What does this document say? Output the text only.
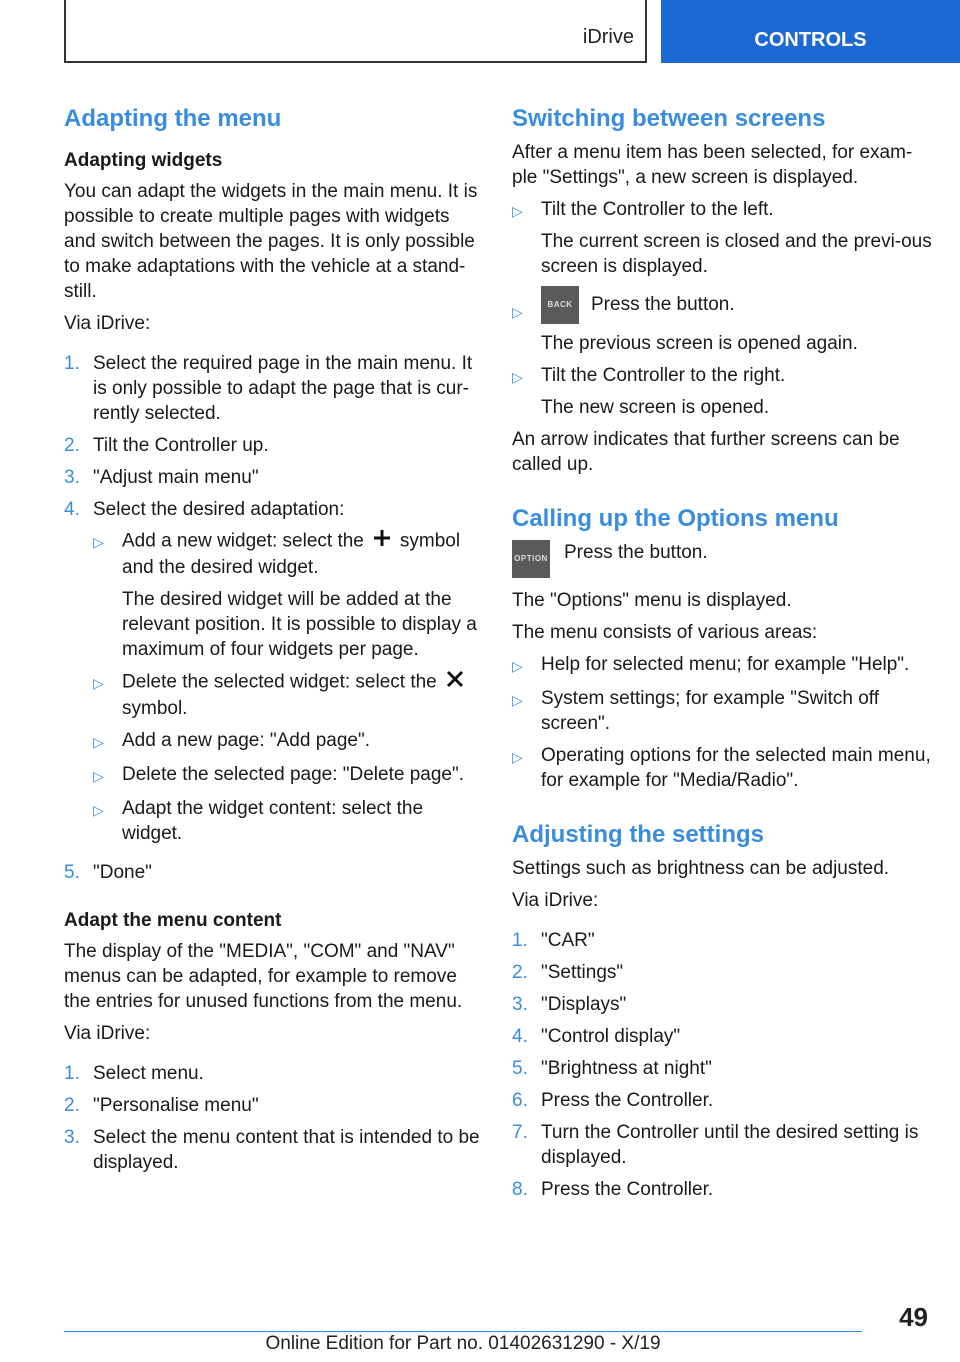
iDrive	CONTROLS
Adapting the menu
Adapting widgets

You can adapt the widgets in the main menu. It is possible to create multiple pages with widgets and switch between the pages. It is only possible to make adaptations with the vehicle at a stand-still.

Via iDrive:

1. Select the required page in the main menu. It is only possible to adapt the page that is cur-rently selected.
2. Tilt the Controller up.
3. "Adjust main menu"
4. Select the desired adaptation:
▷ Add a new widget: select the symbol and the desired widget.

The desired widget will be added at the relevant position. It is possible to display a maximum of four widgets per page.

▷ Delete the selected widget: select thesymbol.

▷ Add a new page: "Add page".
▷ Delete the selected page: "Delete page".
▷ Adapt the widget content: select the widget.
5. "Done"
Adapt the menu content

The display of the "MEDIA", "COM" and "NAV" menus can be adapted, for example to remove the entries for unused functions from the menu.

Via iDrive:

1. Select menu.
2. "Personalise menu"
3. Select the menu content that is intended to be displayed.
Switching between screens

After a menu item has been selected, for exam-ple "Settings", a new screen is displayed.

▷ Tilt the Controller to the left.

The current screen is closed and the previ-ous screen is displayed.

▷	BACK Press the button.

The previous screen is opened again.

▷ Tilt the Controller to the right.

The new screen is opened.

An arrow indicates that further screens can be called up.

Calling up the Options menu
OPTION Press the button.

The "Options" menu is displayed.

The menu consists of various areas:

▷ Help for selected menu; for example "Help".
▷ System settings; for example "Switch off screen".
▷ Operating options for the selected main menu, for example for "Media/Radio".
Adjusting the settings

Settings such as brightness can be adjusted.

Via iDrive:

1. "CAR"
2. "Settings"
3. "Displays"
4. "Control display"
5. "Brightness at night"
6. Press the Controller.
7. Turn the Controller until the desired setting is displayed.
8. Press the Controller.
49
Online Edition for Part no. 01402631290 - X/19
